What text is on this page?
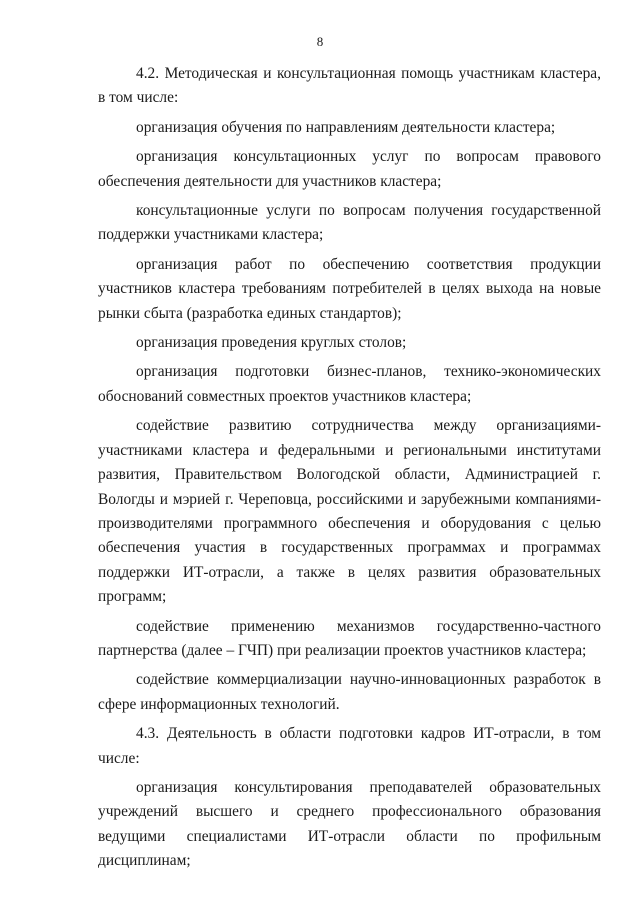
8

4.2. Методическая и консультационная помощь участникам кластера, в том числе:

организация обучения по направлениям деятельности кластера;

организация консультационных услуг по вопросам правового обеспечения деятельности для участников кластера;

консультационные услуги по вопросам получения государственной поддержки участниками кластера;

организация работ по обеспечению соответствия продукции участников кластера требованиям потребителей в целях выхода на новые рынки сбыта (разработка единых стандартов);

организация проведения круглых столов;

организация подготовки бизнес-планов, технико-экономических обоснований совместных проектов участников кластера;

содействие развитию сотрудничества между организациями-участниками кластера и федеральными и региональными институтами развития, Правительством Вологодской области, Администрацией г. Вологды и мэрией г. Череповца, российскими и зарубежными компаниями-производителями программного обеспечения и оборудования с целью обеспечения участия в государственных программах и программах поддержки ИТ-отрасли, а также в целях развития образовательных программ;

содействие применению механизмов государственно-частного партнерства (далее – ГЧП) при реализации проектов участников кластера;

содействие коммерциализации научно-инновационных разработок в сфере информационных технологий.

4.3. Деятельность в области подготовки кадров ИТ-отрасли, в том числе:

организация консультирования преподавателей образовательных учреждений высшего и среднего профессионального образования ведущими специалистами ИТ-отрасли области по профильным дисциплинам;
